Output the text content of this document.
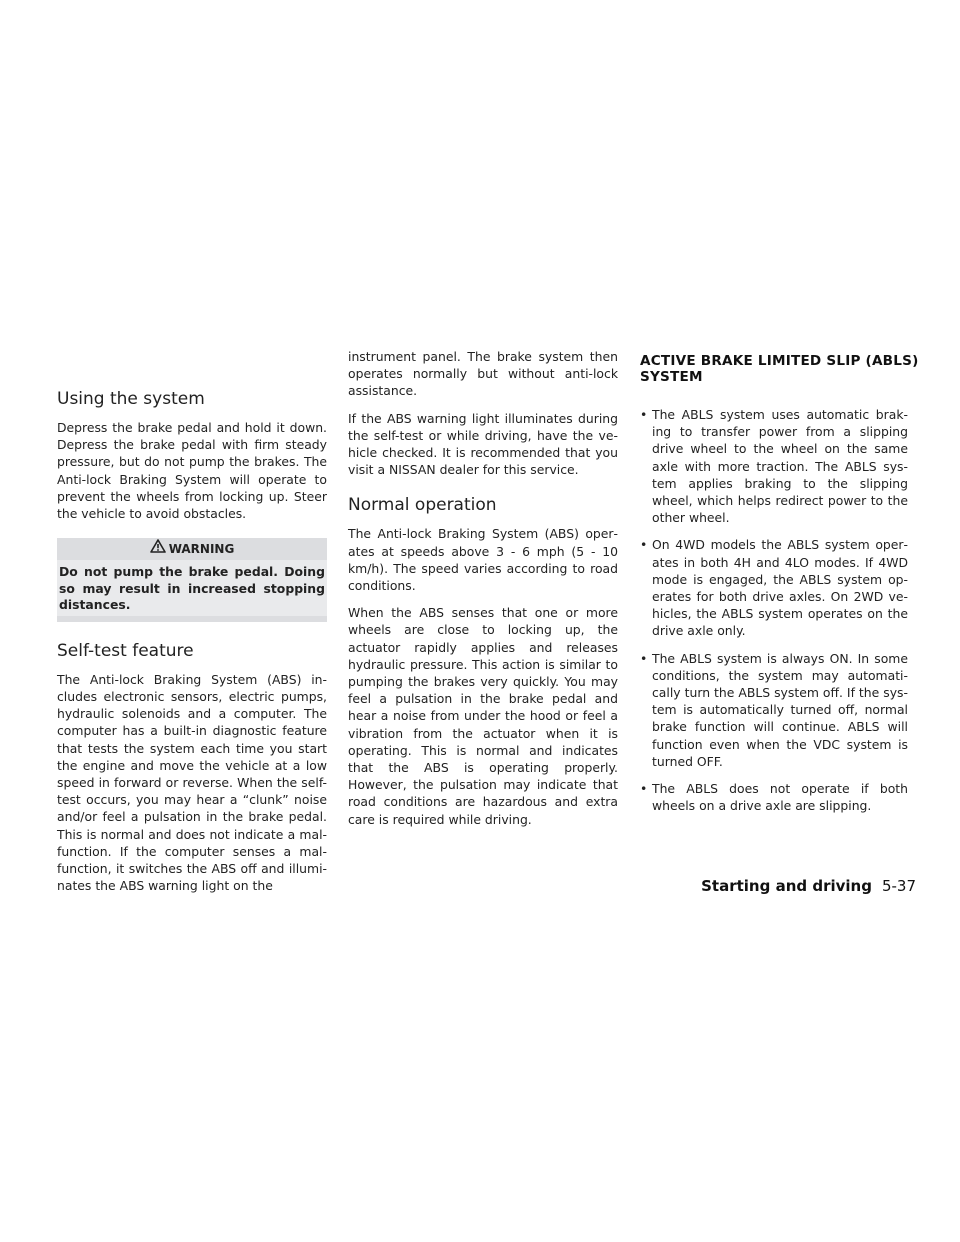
ACTIVE BRAKE LIMITED SLIP (ABLS)
SYSTEM
Using the system

Depress the brake pedal and hold it down. Depress the brake pedal with firm steady pressure, but do not pump the brakes. The Anti-lock Braking System will operate to prevent the wheels from locking up. Steer the vehicle to avoid obstacles.

WARNING
Do not pump the brake pedal. Doing so may result in increased stopping distances.
Self-test feature

The Anti-lock Braking System (ABS) includes electronic sensors, electric pumps, hydraulic solenoids and a computer. The computer has a built-in diagnostic feature that tests the system each time you start the engine and move the vehicle at a low speed in forward or reverse. When the self-test occurs, you may hear a “clunk” noise and/or feel a pulsation in the brake pedal. This is normal and does not indicate a malfunction. If the computer senses a malfunction, it switches the ABS off and illuminates the ABS warning light on the

instrument panel. The brake system then operates normally but without anti-lock assistance.

If the ABS warning light illuminates during the self-test or while driving, have the vehicle checked. It is recommended that you visit a NISSAN dealer for this service.

Normal operation

The Anti-lock Braking System (ABS) operates at speeds above 3 - 6 mph (5 - 10 km/h). The speed varies according to road conditions.

When the ABS senses that one or more wheels are close to locking up, the actuator rapidly applies and releases hydraulic pressure. This action is similar to pumping the brakes very quickly. You may feel a pulsation in the brake pedal and hear a noise from under the hood or feel a vibration from the actuator when it is operating. This is normal and indicates that the ABS is operating properly. However, the pulsation may indicate that road conditions are hazardous and extra care is required while driving.

• The ABLS system uses automatic braking to transfer power from a slipping drive wheel to the wheel on the same axle with more traction. The ABLS system applies braking to the slipping wheel, which helps redirect power to the other wheel.
• On 4WD models the ABLS system operates in both 4H and 4LO modes. If 4WD mode is engaged, the ABLS system operates for both drive axles. On 2WD vehicles, the ABLS system operates on the drive axle only.
• The ABLS system is always ON. In some conditions, the system may automatically turn the ABLS system off. If the system is automatically turned off, normal brake function will continue. ABLS will function even when the VDC system is turned OFF.
• The ABLS does not operate if both wheels on a drive axle are slipping.
Starting and driving 5-37
